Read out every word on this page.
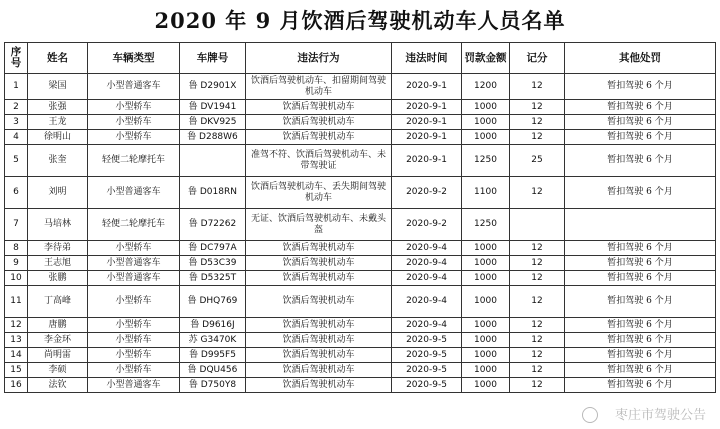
2020 年 9 月饮酒后驾驶机动车人员名单
序号	姓名	车辆类型	车牌号	违法行为	违法时间	罚款金额	记分	其他处罚
1	梁国	小型普通客车	鲁 D2901X	饮酒后驾驶机动车、扣留期间驾驶机动车	2020-9-1	1200	12	暂扣驾驶 6 个月
2	张强	小型轿车	鲁 DV1941	饮酒后驾驶机动车	2020-9-1	1000	12	暂扣驾驶 6 个月
3	王龙	小型轿车	鲁 DKV925	饮酒后驾驶机动车	2020-9-1	1000	12	暂扣驾驶 6 个月
4	徐明山	小型轿车	鲁 D288W6	饮酒后驾驶机动车	2020-9-1	1000	12	暂扣驾驶 6 个月
5	张奎	轻便二轮摩托车		准驾不符、饮酒后驾驶机动车、未带驾驶证	2020-9-1	1250	25	暂扣驾驶 6 个月
6	刘明	小型普通客车	鲁 D018RN	饮酒后驾驶机动车、丢失期间驾驶机动车	2020-9-2	1100	12	暂扣驾驶 6 个月
7	马培林	轻便二轮摩托车	鲁 D72262	无证、饮酒后驾驶机动车、未戴头盔	2020-9-2	1250		
8	李待弟	小型轿车	鲁 DC797A	饮酒后驾驶机动车	2020-9-4	1000	12	暂扣驾驶 6 个月
9	王志旭	小型普通客车	鲁 D53C39	饮酒后驾驶机动车	2020-9-4	1000	12	暂扣驾驶 6 个月
10	张鹏	小型普通客车	鲁 D5325T	饮酒后驾驶机动车	2020-9-4	1000	12	暂扣驾驶 6 个月
11	丁高峰	小型轿车	鲁 DHQ769	饮酒后驾驶机动车	2020-9-4	1000	12	暂扣驾驶 6 个月
12	唐鹏	小型轿车	鲁 D9616J	饮酒后驾驶机动车	2020-9-4	1000	12	暂扣驾驶 6 个月
13	李金环	小型轿车	苏 G3470K	饮酒后驾驶机动车	2020-9-5	1000	12	暂扣驾驶 6 个月
14	尚明雷	小型轿车	鲁 D995F5	饮酒后驾驶机动车	2020-9-5	1000	12	暂扣驾驶 6 个月
15	李硕	小型轿车	鲁 DQU456	饮酒后驾驶机动车	2020-9-5	1000	12	暂扣驾驶 6 个月
16	法钦	小型普通客车	鲁 D750Y8	饮酒后驾驶机动车	2020-9-5	1000	12	暂扣驾驶 6 个月
枣庄市驾驶公告
